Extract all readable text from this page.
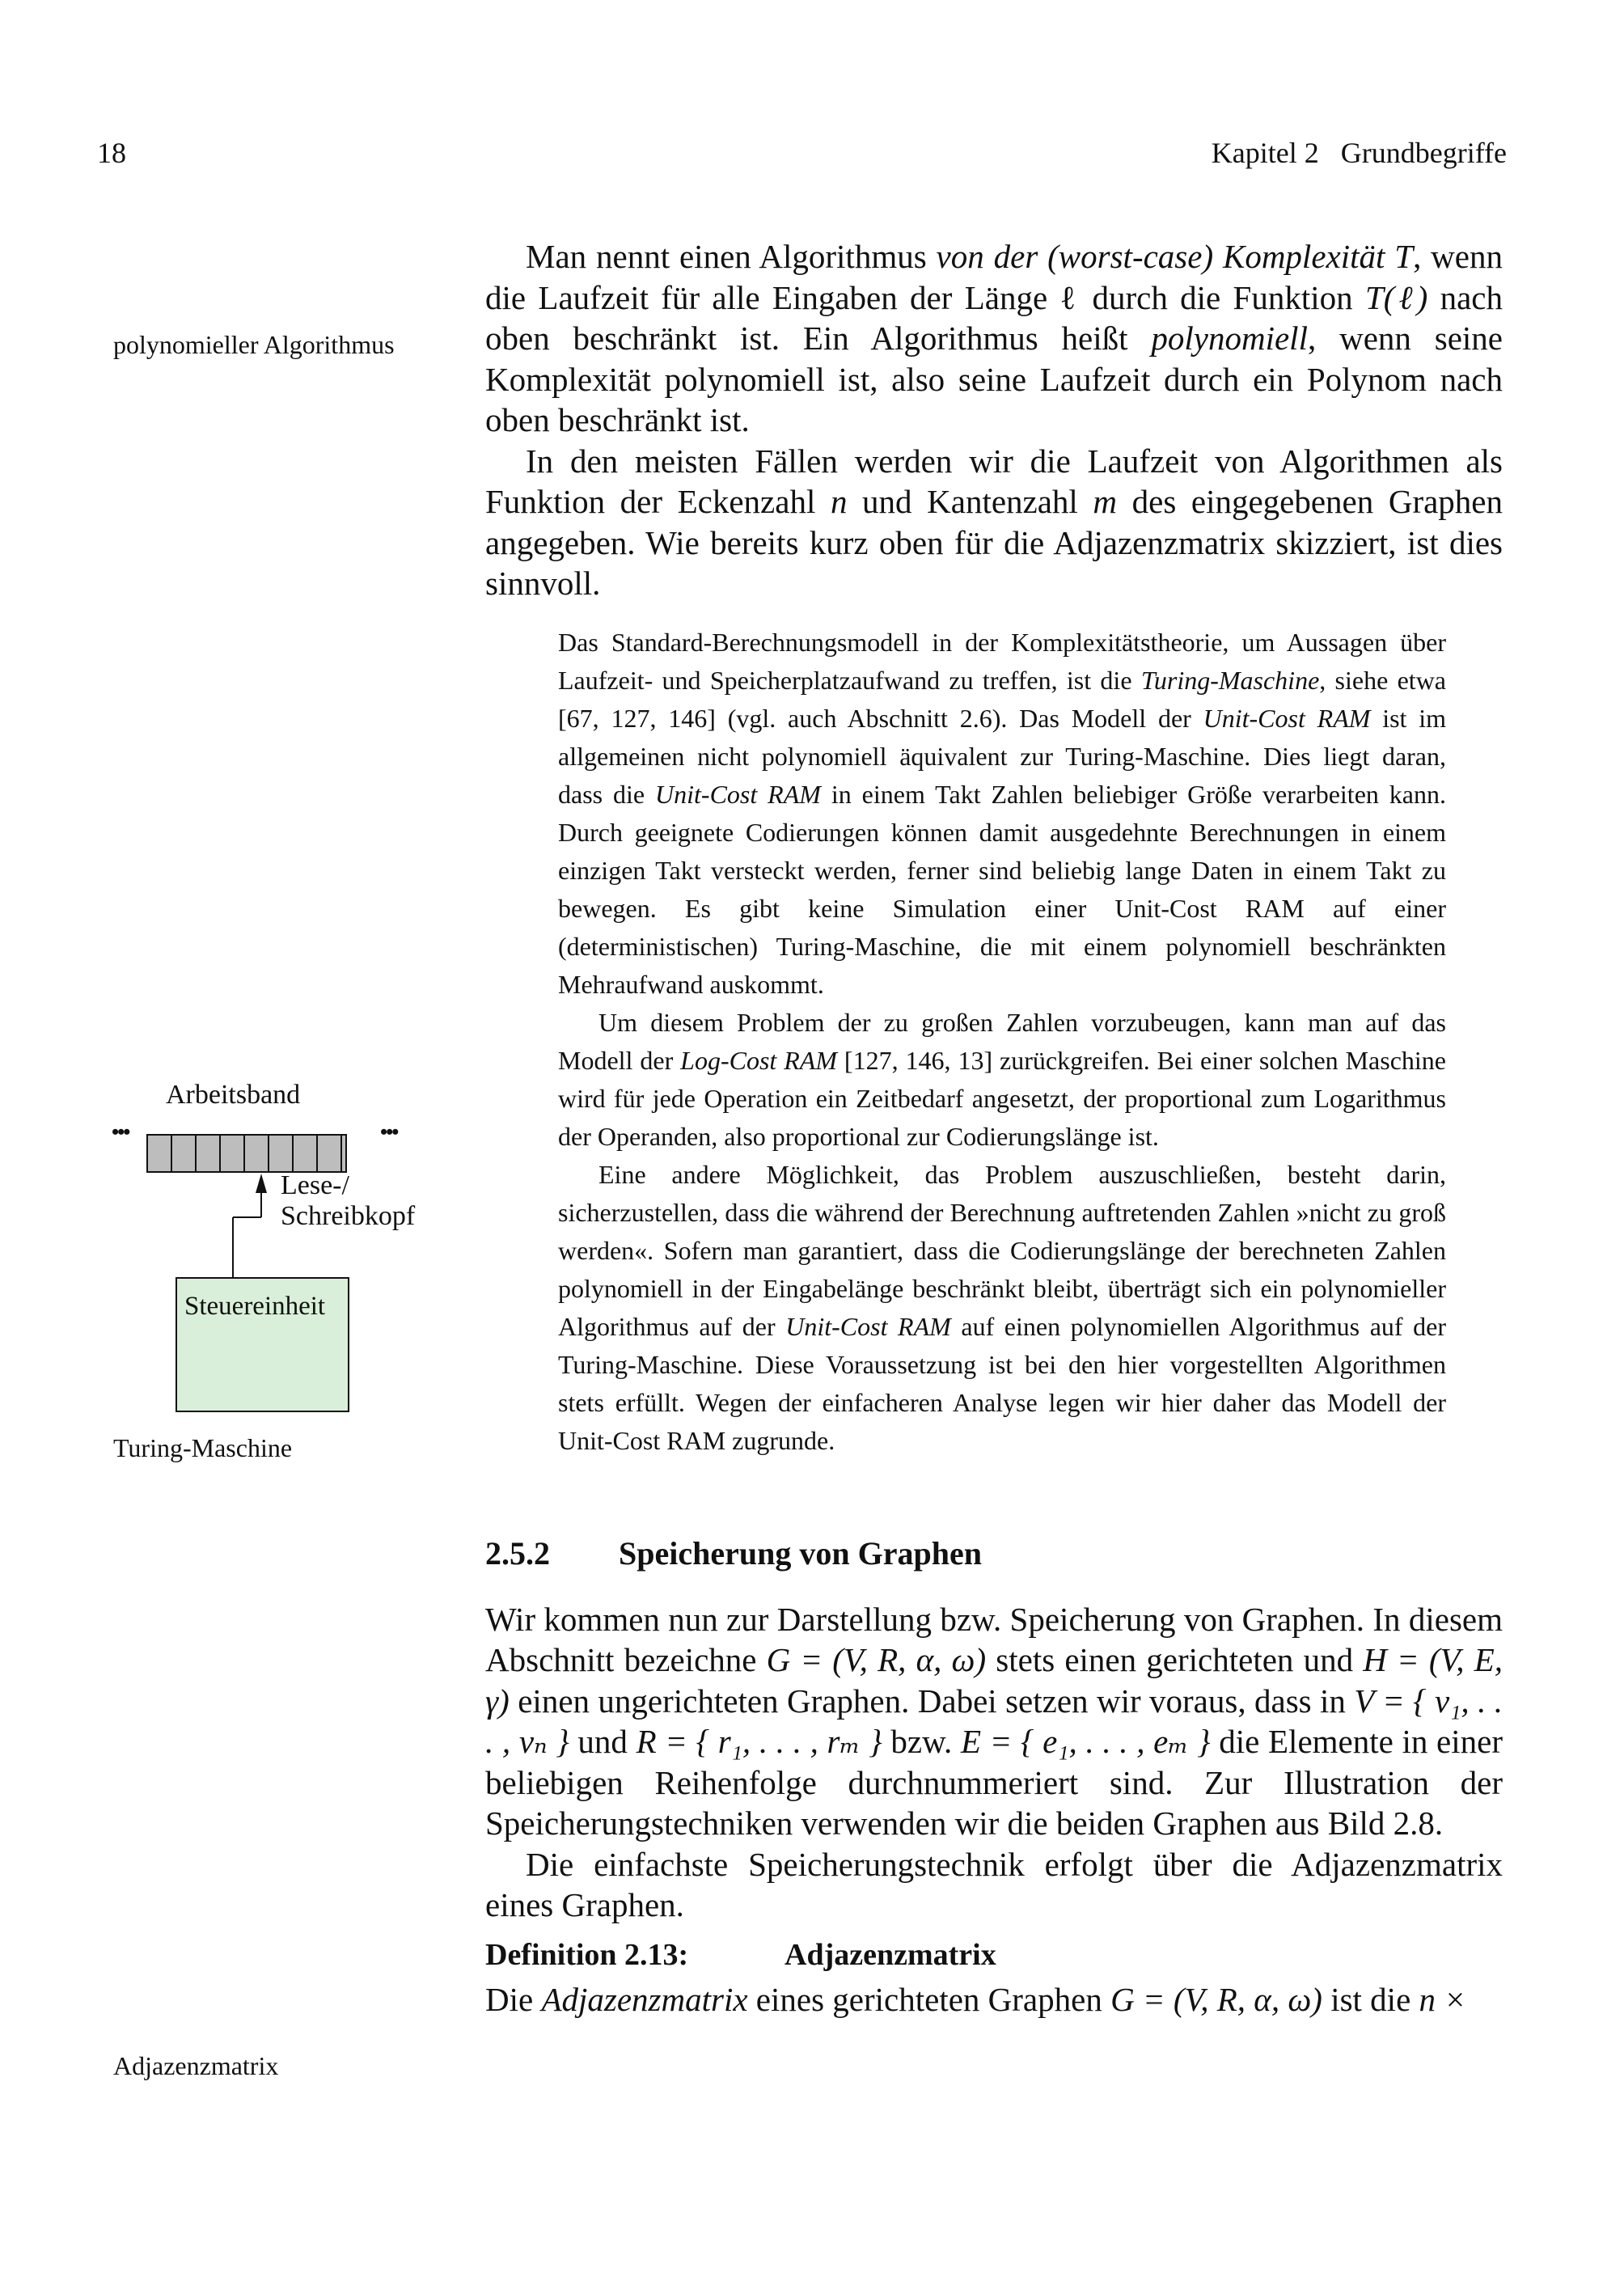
18	Kapitel 2 Grundbegriffe
polynomieller Algorithmus
Turing-Maschine
Adjazenzmatrix
Arbeitsband
•••	•••
Lese-/
Schreibkopf
Steuereinheit

Man nennt einen Algorithmus von der (worst-case) Komplexität T, wenn die Laufzeit für alle Eingaben der Länge ℓ durch die Funktion T(ℓ) nach oben beschränkt ist. Ein Algorithmus heißt polynomiell, wenn seine Komplexität polynomiell ist, also seine Laufzeit durch ein Polynom nach oben beschränkt ist.

In den meisten Fällen werden wir die Laufzeit von Algorithmen als Funktion der Eckenzahl n und Kantenzahl m des eingegebenen Graphen angegeben. Wie bereits kurz oben für die Adjazenzmatrix skizziert, ist dies sinnvoll.

Das Standard-Berechnungsmodell in der Komplexitätstheorie, um Aussagen über Laufzeit- und Speicherplatzaufwand zu treffen, ist die Turing-Maschine, siehe etwa [67, 127, 146] (vgl. auch Abschnitt 2.6). Das Modell der Unit-Cost RAM ist im allgemeinen nicht polynomiell äquivalent zur Turing-Maschine. Dies liegt daran, dass die Unit-Cost RAM in einem Takt Zahlen beliebiger Größe verarbeiten kann. Durch geeignete Codierungen können damit ausgedehnte Berechnungen in einem einzigen Takt versteckt werden, ferner sind beliebig lange Daten in einem Takt zu bewegen. Es gibt keine Simulation einer Unit-Cost RAM auf einer (deterministischen) Turing-Maschine, die mit einem polynomiell beschränkten Mehraufwand auskommt.

Um diesem Problem der zu großen Zahlen vorzubeugen, kann man auf das Modell der Log-Cost RAM [127, 146, 13] zurückgreifen. Bei einer solchen Maschine wird für jede Operation ein Zeitbedarf angesetzt, der proportional zum Logarithmus der Operanden, also proportional zur Codierungslänge ist.

Eine andere Möglichkeit, das Problem auszuschließen, besteht darin, sicherzustellen, dass die während der Berechnung auftretenden Zahlen »nicht zu groß werden«. Sofern man garantiert, dass die Codierungslänge der berechneten Zahlen polynomiell in der Eingabelänge beschränkt bleibt, überträgt sich ein polynomieller Algorithmus auf der Unit-Cost RAM auf einen polynomiellen Algorithmus auf der Turing-Maschine. Diese Voraussetzung ist bei den hier vorgestellten Algorithmen stets erfüllt. Wegen der einfacheren Analyse legen wir hier daher das Modell der Unit-Cost RAM zugrunde.

2.5.2 Speicherung von Graphen

Wir kommen nun zur Darstellung bzw. Speicherung von Graphen. In diesem Abschnitt bezeichne G = (V, R, α, ω) stets einen gerichteten und H = (V, E, γ) einen ungerichteten Graphen. Dabei setzen wir voraus, dass in V = { v₁, . . . , vₙ } und R = { r₁, . . . , rₘ } bzw. E = { e₁, . . . , eₘ } die Elemente in einer beliebigen Reihenfolge durchnummeriert sind. Zur Illustration der Speicherungstechniken verwenden wir die beiden Graphen aus Bild 2.8.

Die einfachste Speicherungstechnik erfolgt über die Adjazenzmatrix eines Graphen.

Definition 2.13:	Adjazenzmatrix

Die Adjazenzmatrix eines gerichteten Graphen G = (V, R, α, ω) ist die n ×
